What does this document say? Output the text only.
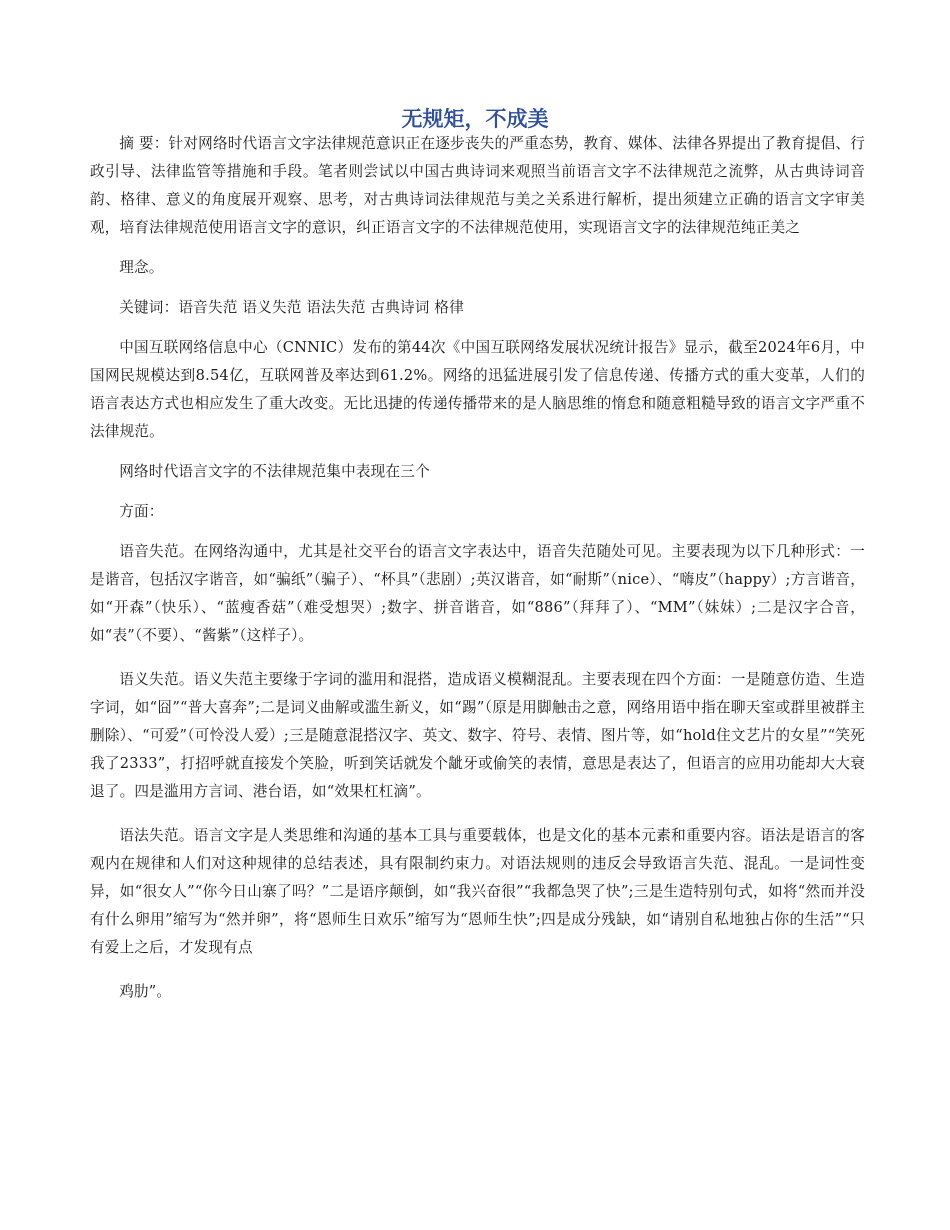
无规矩，不成美

摘 要：针对网络时代语言文字法律规范意识正在逐步丧失的严重态势，教育、媒体、法律各界提出了教育提倡、行政引导、法律监管等措施和手段。笔者则尝试以中国古典诗词来观照当前语言文字不法律规范之流弊，从古典诗词音韵、格律、意义的角度展开观察、思考，对古典诗词法律规范与美之关系进行解析，提出须建立正确的语言文字审美观，培育法律规范使用语言文字的意识，纠正语言文字的不法律规范使用，实现语言文字的法律规范纯正美之

理念。

关键词：语音失范 语义失范 语法失范 古典诗词 格律

中国互联网络信息中心（CNNIC）发布的第44次《中国互联网络发展状况统计报告》显示，截至2024年6月，中国网民规模达到8.54亿，互联网普及率达到61.2%。网络的迅猛进展引发了信息传递、传播方式的重大变革，人们的语言表达方式也相应发生了重大改变。无比迅捷的传递传播带来的是人脑思维的惰怠和随意粗糙导致的语言文字严重不法律规范。

网络时代语言文字的不法律规范集中表现在三个

方面：

语音失范。在网络沟通中，尤其是社交平台的语言文字表达中，语音失范随处可见。主要表现为以下几种形式：一是谐音，包括汉字谐音，如“骗纸”（骗子）、“杯具”（悲剧）;英汉谐音，如“耐斯”（nice）、“嗨皮”（happy）;方言谐音，如“开森”（快乐）、“蓝瘦香菇”（难受想哭）;数字、拼音谐音，如“886”（拜拜了）、“MM”（妹妹）;二是汉字合音，如“表”（不要）、“酱紫”（这样子）。

语义失范。语义失范主要缘于字词的滥用和混搭，造成语义模糊混乱。主要表现在四个方面：一是随意仿造、生造字词，如“囧”“普大喜奔”;二是词义曲解或滥生新义，如“踢”（原是用脚触击之意，网络用语中指在聊天室或群里被群主删除）、“可爱”（可怜没人爱）;三是随意混搭汉字、英文、数字、符号、表情、图片等，如“hold住文艺片的女星”“笑死我了2333”，打招呼就直接发个笑脸，听到笑话就发个龇牙或偷笑的表情，意思是表达了，但语言的应用功能却大大衰退了。四是滥用方言词、港台语，如“效果杠杠滴”。

语法失范。语言文字是人类思维和沟通的基本工具与重要载体，也是文化的基本元素和重要内容。语法是语言的客观内在规律和人们对这种规律的总结表述，具有限制约束力。对语法规则的违反会导致语言失范、混乱。一是词性变异，如“很女人”“你今日山寨了吗？”二是语序颠倒，如“我兴奋很”“我都急哭了快”;三是生造特别句式，如将“然而并没有什么卵用”缩写为“然并卵”，将“恩师生日欢乐”缩写为“恩师生快”;四是成分残缺，如“请别自私地独占你的生活”“只有爱上之后，才发现有点

鸡肋”。
